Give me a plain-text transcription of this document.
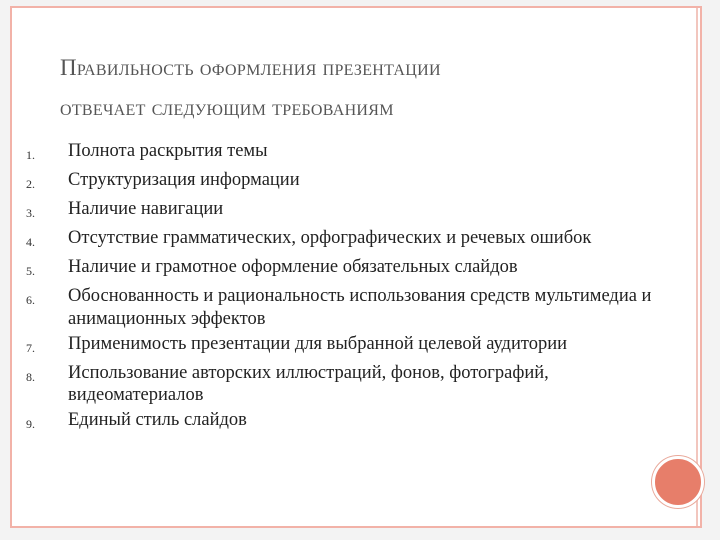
Правильность оформления презентации
отвечает следующим требованиям
1.	Полнота раскрытия темы
2.	Структуризация информации
3.	Наличие навигации
4.	Отсутствие грамматических, орфографических и речевых ошибок
5.	Наличие и грамотное оформление обязательных слайдов
6.	Обоснованность и рациональность использования средств мультимедиа и анимационных эффектов
7.	Применимость презентации для выбранной целевой аудитории
8.	Использование авторских иллюстраций, фонов, фотографий, видеоматериалов
9.	Единый стиль слайдов
